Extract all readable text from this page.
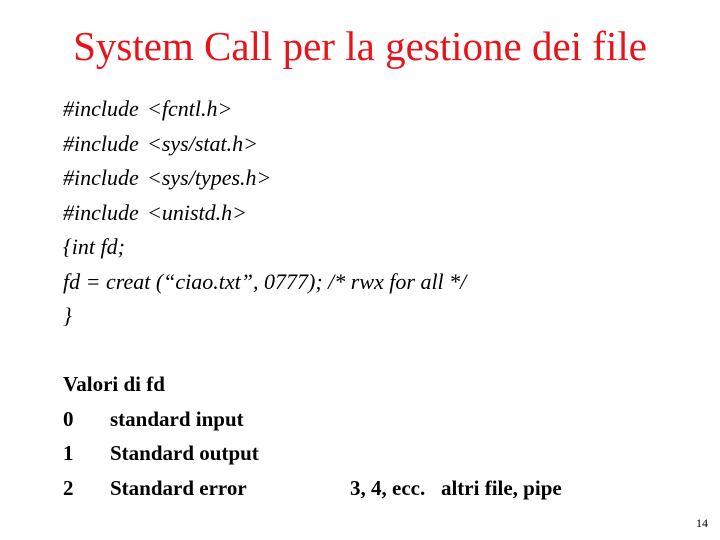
System Call per la gestione dei file
#include <fcntl.h>
#include <sys/stat.h>
#include <sys/types.h>
#include <unistd.h>
{int fd;
fd = creat (“ciao.txt”, 0777); /* rwx for all */
}
Valori di fd
0 standard input
1 Standard output
2 Standard error	3, 4, ecc.   altri file, pipe
14
